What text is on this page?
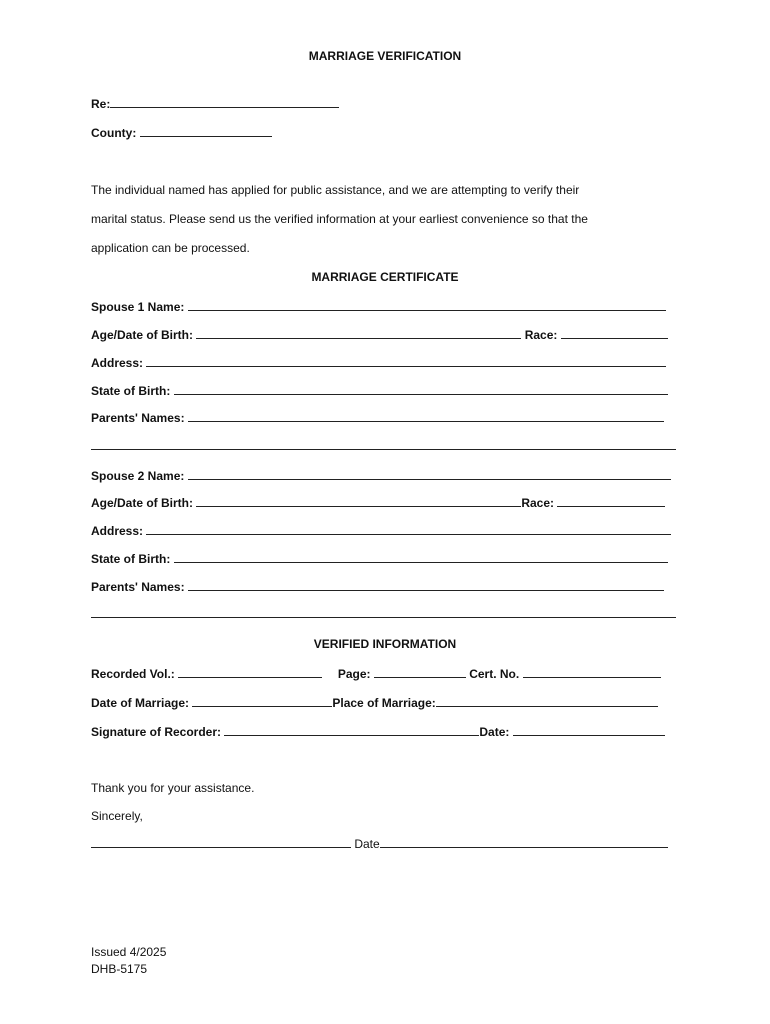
MARRIAGE VERIFICATION
Re:
County:
The individual named has applied for public assistance, and we are attempting to verify their
marital status. Please send us the verified information at your earliest convenience so that the
application can be processed.
MARRIAGE CERTIFICATE
Spouse 1 Name:
Age/Date of Birth:	Race:
Address:
State of Birth:
Parents' Names:
Spouse 2 Name:
Age/Date of Birth:	Race:
Address:
State of Birth:
Parents' Names:
VERIFIED INFORMATION
Recorded Vol.:	Page:	Cert. No.
Date of Marriage:	Place of Marriage:
Signature of Recorder:	Date:
Thank you for your assistance.
Sincerely,
Date
Issued 4/2025
DHB-5175
